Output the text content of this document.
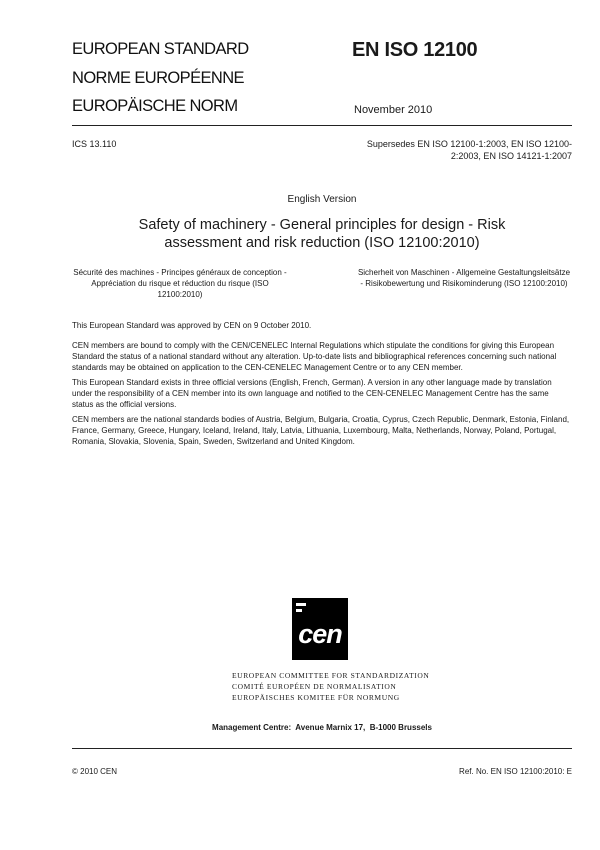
EUROPEAN STANDARD
NORME EUROPÉENNE
EUROPÄISCHE NORM
EN ISO 12100
November 2010
ICS 13.110	Supersedes EN ISO 12100-1:2003, EN ISO 12100-2:2003, EN ISO 14121-1:2007
English Version
Safety of machinery - General principles for design - Risk assessment and risk reduction (ISO 12100:2010)
Sécurité des machines - Principes généraux de conception - Appréciation du risque et réduction du risque (ISO 12100:2010)
Sicherheit von Maschinen - Allgemeine Gestaltungsleitsätze - Risikobewertung und Risikominderung (ISO 12100:2010)
This European Standard was approved by CEN on 9 October 2010.
CEN members are bound to comply with the CEN/CENELEC Internal Regulations which stipulate the conditions for giving this European Standard the status of a national standard without any alteration. Up-to-date lists and bibliographical references concerning such national standards may be obtained on application to the CEN-CENELEC Management Centre or to any CEN member.
This European Standard exists in three official versions (English, French, German). A version in any other language made by translation under the responsibility of a CEN member into its own language and notified to the CEN-CENELEC Management Centre has the same status as the official versions.
CEN members are the national standards bodies of Austria, Belgium, Bulgaria, Croatia, Cyprus, Czech Republic, Denmark, Estonia, Finland, France, Germany, Greece, Hungary, Iceland, Ireland, Italy, Latvia, Lithuania, Luxembourg, Malta, Netherlands, Norway, Poland, Portugal, Romania, Slovakia, Slovenia, Spain, Sweden, Switzerland and United Kingdom.
cen
EUROPEAN COMMITTEE FOR STANDARDIZATION
COMITÉ EUROPÉEN DE NORMALISATION
EUROPÄISCHES KOMITEE FÜR NORMUNG
Management Centre:  Avenue Marnix 17,  B-1000 Brussels
© 2010 CEN	Ref. No. EN ISO 12100:2010: E
